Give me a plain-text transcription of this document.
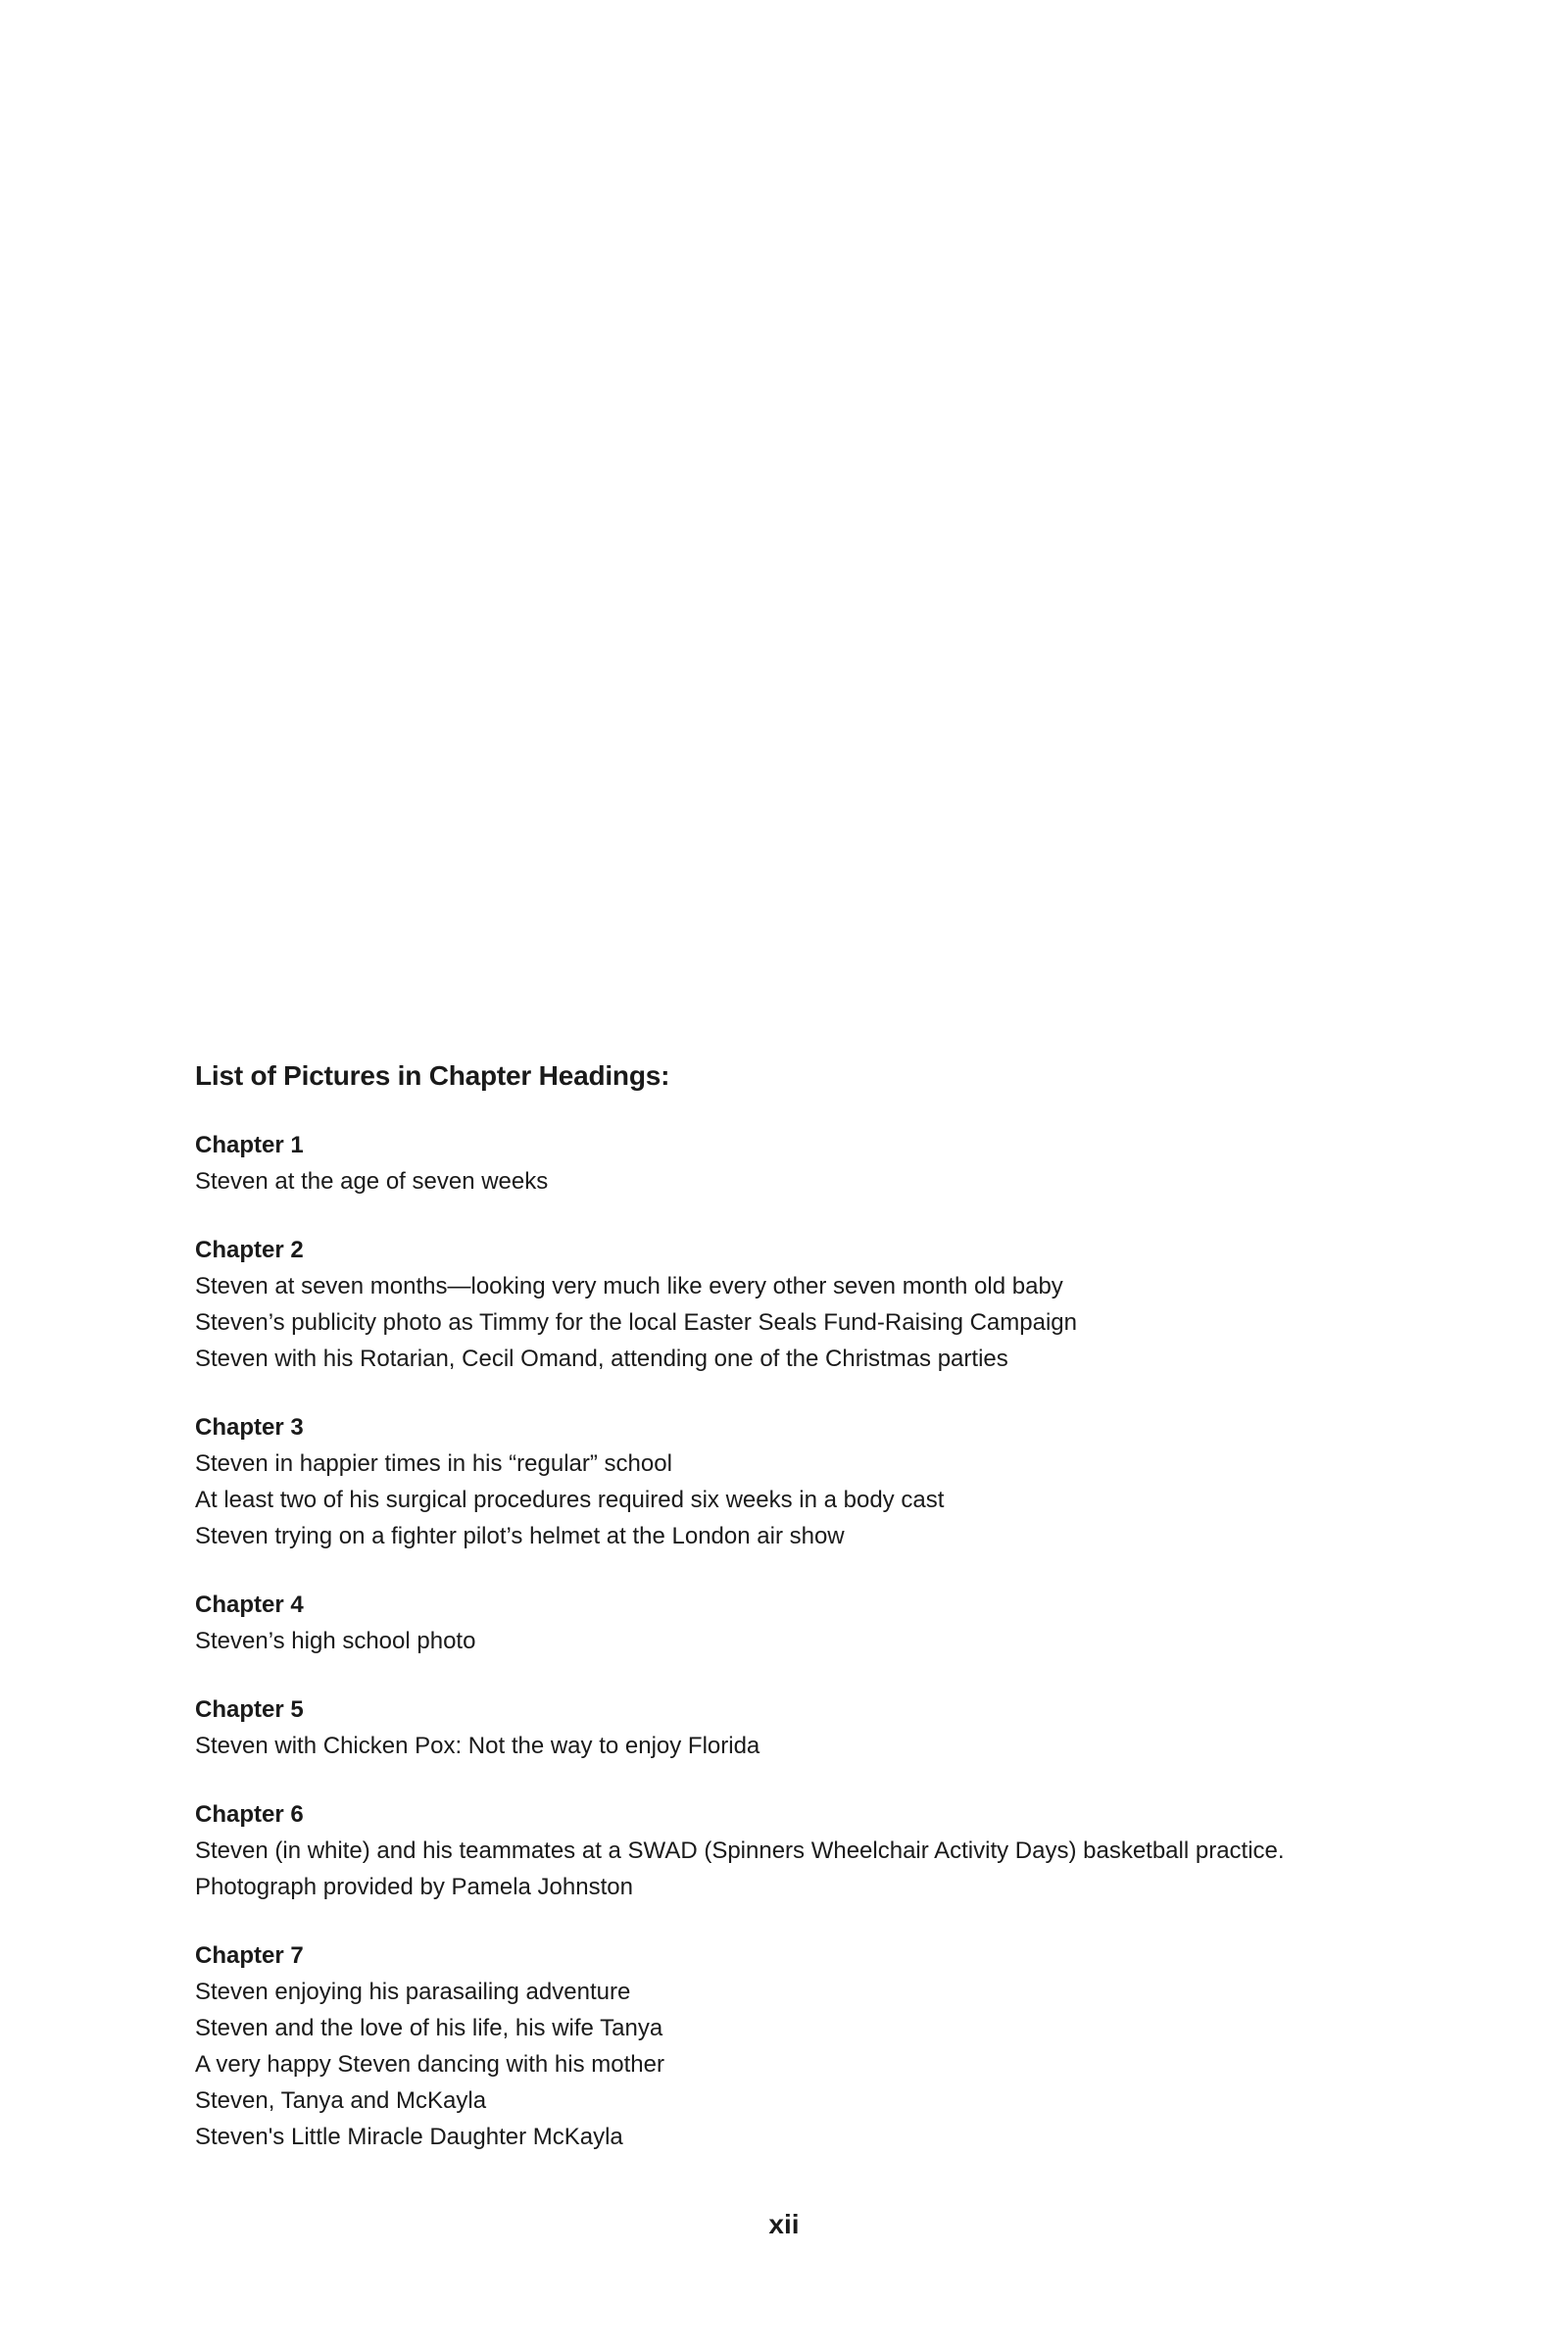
List of Pictures in Chapter Headings:

Chapter 1

Steven at the age of seven weeks

Chapter 2

Steven at seven months—looking very much like every other seven month old baby

Steven’s publicity photo as Timmy for the local Easter Seals Fund-Raising Campaign

Steven with his Rotarian, Cecil Omand, attending one of the Christmas parties

Chapter 3

Steven in happier times in his “regular” school

At least two of his surgical procedures required six weeks in a body cast

Steven trying on a fighter pilot’s helmet at the London air show

Chapter 4

Steven’s high school photo

Chapter 5

Steven with Chicken Pox: Not the way to enjoy Florida

Chapter 6

Steven (in white) and his teammates at a SWAD (Spinners Wheelchair Activity Days) basketball practice.

Photograph provided by Pamela Johnston

Chapter 7

Steven enjoying his parasailing adventure

Steven and the love of his life, his wife Tanya

A very happy Steven dancing with his mother

Steven, Tanya and McKayla

Steven's Little Miracle Daughter McKayla

xii
